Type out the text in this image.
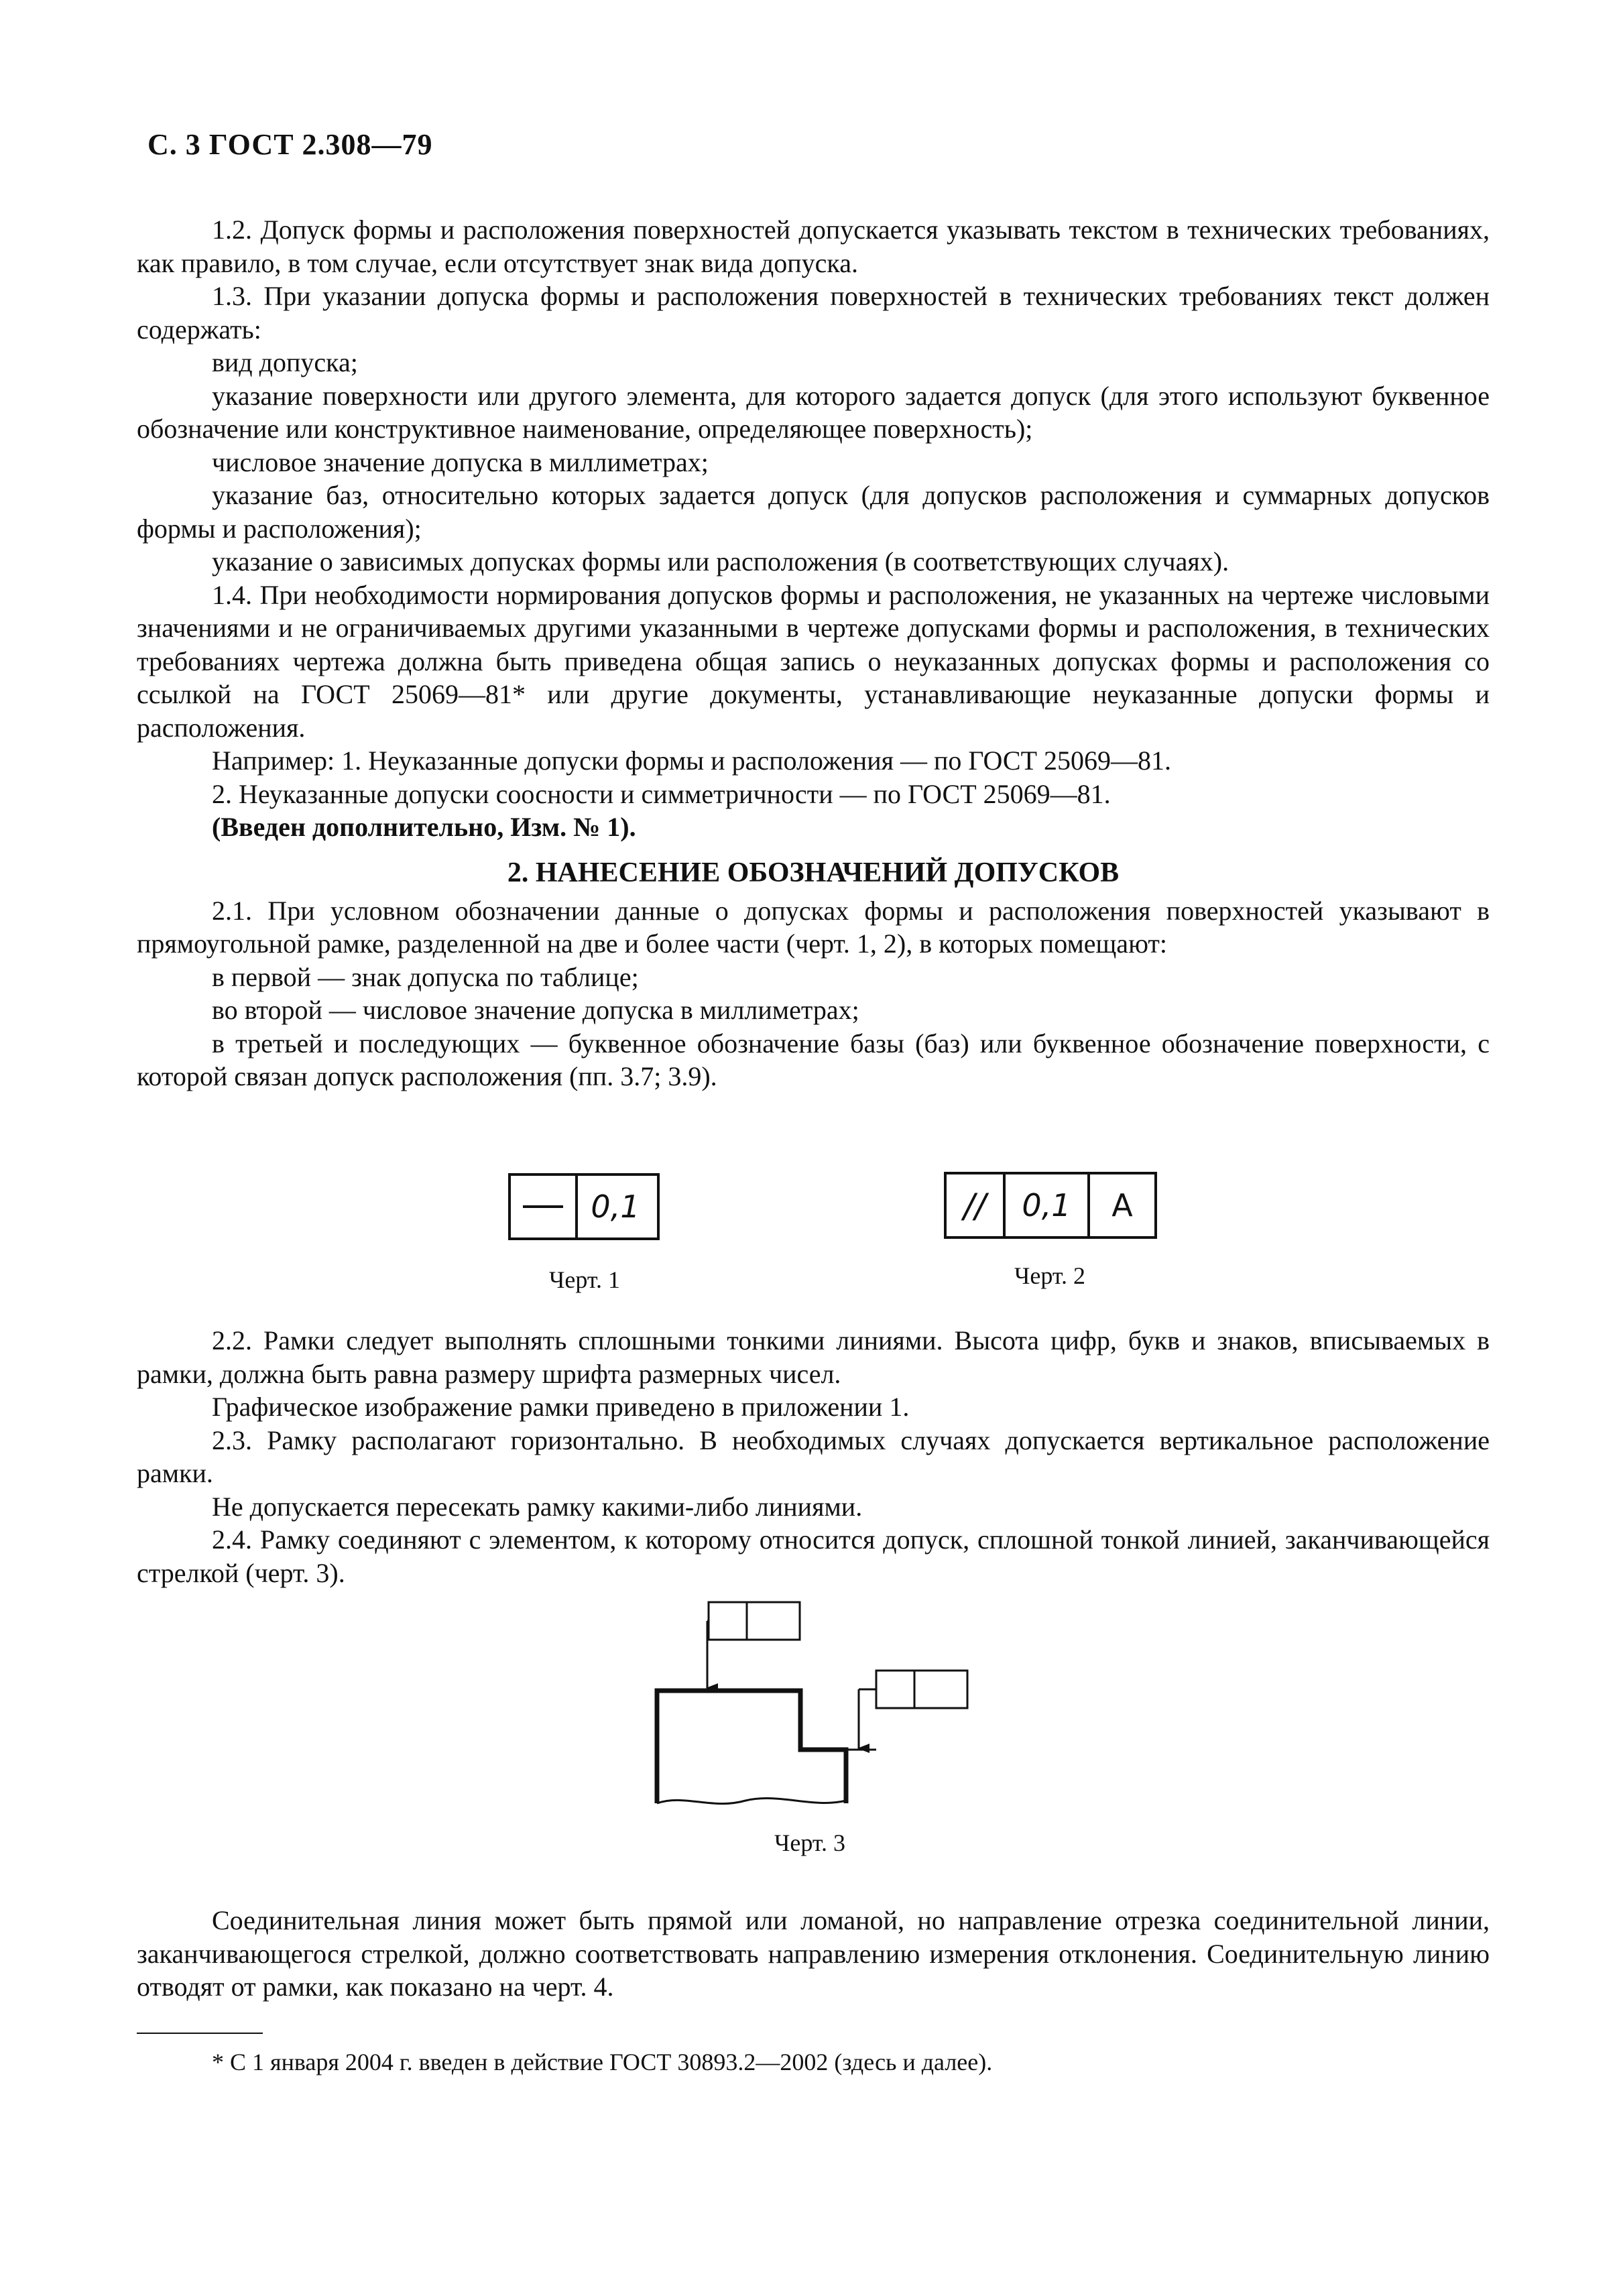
С. 3 ГОСТ 2.308—79

1.2. Допуск формы и расположения поверхностей допускается указывать текстом в технических требованиях, как правило, в том случае, если отсутствует знак вида допуска.

1.3. При указании допуска формы и расположения поверхностей в технических требованиях текст должен содержать:

вид допуска;

указание поверхности или другого элемента, для которого задается допуск (для этого используют буквенное обозначение или конструктивное наименование, определяющее поверхность);

числовое значение допуска в миллиметрах;

указание баз, относительно которых задается допуск (для допусков расположения и суммарных допусков формы и расположения);

указание о зависимых допусках формы или расположения (в соответствующих случаях).

1.4. При необходимости нормирования допусков формы и расположения, не указанных на чертеже числовыми значениями и не ограничиваемых другими указанными в чертеже допусками формы и расположения, в технических требованиях чертежа должна быть приведена общая запись о неуказанных допусках формы и расположения со ссылкой на ГОСТ 25069—81* или другие документы, устанавливающие неуказанные допуски формы и расположения.

Например: 1. Неуказанные допуски формы и расположения — по ГОСТ 25069—81.

2. Неуказанные допуски соосности и симметричности — по ГОСТ 25069—81.

(Введен дополнительно, Изм. № 1).

2. НАНЕСЕНИЕ ОБОЗНАЧЕНИЙ ДОПУСКОВ

2.1. При условном обозначении данные о допусках формы и расположения поверхностей указывают в прямоугольной рамке, разделенной на две и более части (черт. 1, 2), в которых помещают:

в первой — знак допуска по таблице;

во второй — числовое значение допуска в миллиметрах;

в третьей и последующих — буквенное обозначение базы (баз) или буквенное обозначение поверхности, с которой связан допуск расположения (пп. 3.7; 3.9).

0,1
Черт. 1
// 0,1 A
Черт. 2

2.2. Рамки следует выполнять сплошными тонкими линиями. Высота цифр, букв и знаков, вписываемых в рамки, должна быть равна размеру шрифта размерных чисел.

Графическое изображение рамки приведено в приложении 1.

2.3. Рамку располагают горизонтально. В необходимых случаях допускается вертикальное расположение рамки.

Не допускается пересекать рамку какими-либо линиями.

2.4. Рамку соединяют с элементом, к которому относится допуск, сплошной тонкой линией, заканчивающейся стрелкой (черт. 3).

Черт. 3

Соединительная линия может быть прямой или ломаной, но направление отрезка соединительной линии, заканчивающегося стрелкой, должно соответствовать направлению измерения отклонения. Соединительную линию отводят от рамки, как показано на черт. 4.

* С 1 января 2004 г. введен в действие ГОСТ 30893.2—2002 (здесь и далее).
